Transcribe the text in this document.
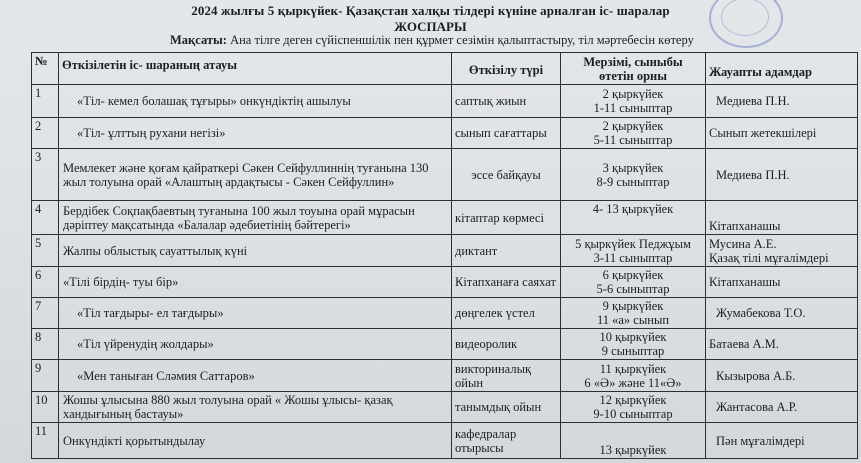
2024 жылғы 5 қыркүйек- Қазақстан халқы тілдері күніне арналған іс- шаралар
ЖОСПАРЫ
Мақсаты: Ана тілге деген сүйіспеншілік пен құрмет сезімін қалыптастыру, тіл мәртебесін көтеру
№	Өткізілетін іс- шараның атауы	Өткізілу түрі	Мерзімі, сыныбы
өтетін орны	Жауапты адамдар
1	«Тіл- кемел болашақ тұғыры» онкүндіктің ашылуы	саптық жиын	2 қыркүйек
1-11 сыныптар	Медиева П.Н.

2	«Тіл- ұлттың рухани негізі»	сынып сағаттары	2 қыркүйек
5-11 сыныптар	Сынып жетекшілері

3	Мемлекет және қоғам қайраткері Сәкен Сейфуллиннің туғанына 130 жыл толуына орай «Алаштың ардақтысы - Сәкен Сейфуллин»	эссе байқауы	3 қыркүйек
8-9 сыныптар	Медиева П.Н.

4	Бердібек Соқпақбаевтың туғанына 100 жыл тоуына орай мұрасын дәріптеу мақсатында «Балалар әдебиетінің бәйтерегі»	кітаптар көрмесі	4- 13 қыркүйек	Кітапханашы

5	Жалпы облыстық сауаттылық күні	диктант	5 қыркүйек Педжұым
3-11 сыныптар	Мусина А.Е.
Қазақ тілі мұғалімдері

6	«Тілі бірдің- туы бір»	Кітапханаға саяхат	6 қыркүйек
5-6 сыныптар	Кітапханашы

7	«Тіл тағдыры- ел тағдыры»	дөңгелек үстел	9 қыркүйек
11 «а» сынып	Жумабекова Т.О.

8	«Тіл үйренудің жолдары»	видеоролик	10 қыркүйек
9 сыныптар	Батаева А.М.

9	«Мен таныған Сләмия Саттаров»	викториналық ойын	11 қыркүйек
6 «Ә» және 11«Ә»	Кызырова А.Б.

10	Жошы ұлысына 880 жыл толуына орай « Жошы ұлысы- қазақ хандығының бастауы»	танымдық ойын	12 қыркүйек
9-10 сыныптар	Жантасова А.Р.

11	Онкүндікті қорытындылау	кафедралар отырысы	13 қыркүйек	Пән мұғалімдері
